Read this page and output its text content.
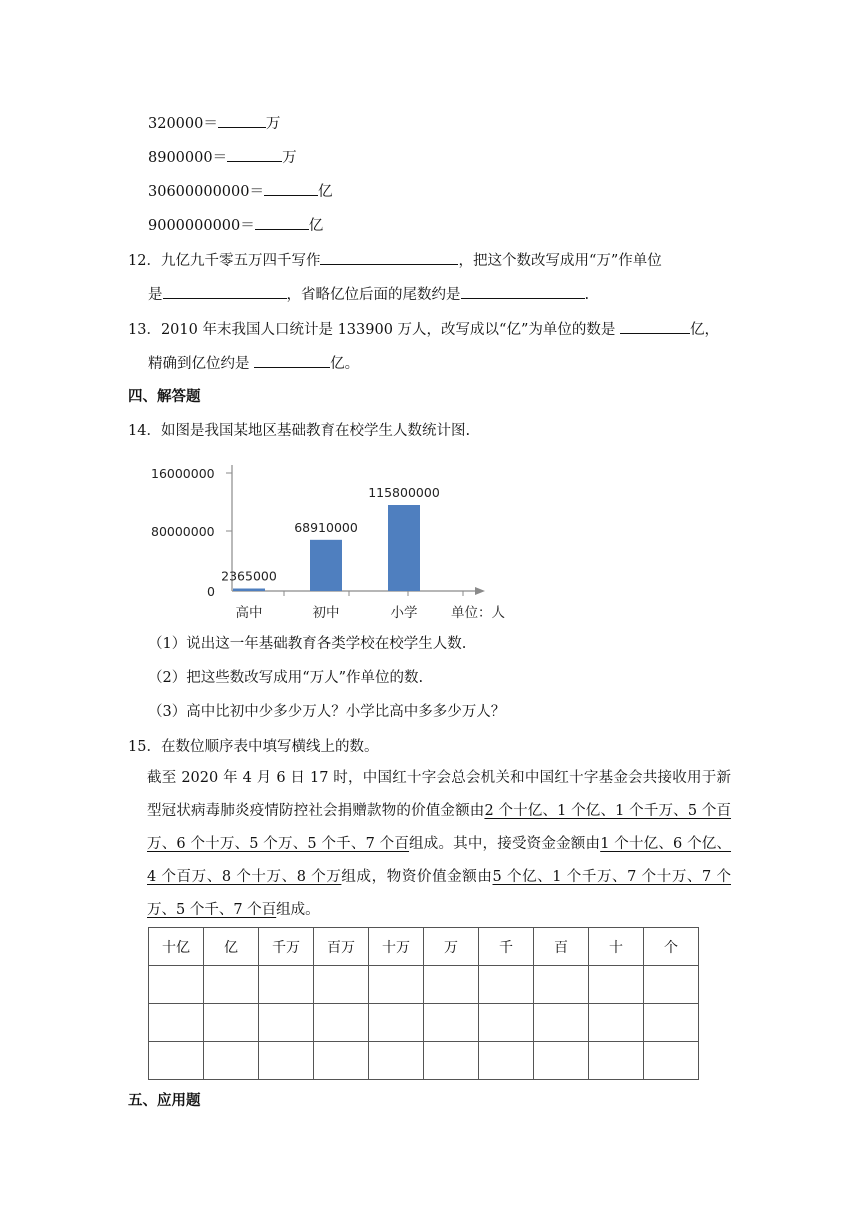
320000＝	万
8900000＝	万
30600000000＝	亿
9000000000＝	亿
12．九亿九千零五万四千写作	，把这个数改写成用“万”作单位
是	，省略亿位后面的尾数约是	.
13．2010 年末我国人口统计是 133900 万人，改写成以“亿”为单位的数是	亿，
精确到亿位约是	亿。
四、解答题
14．如图是我国某地区基础教育在校学生人数统计图.
16000000
80000000
0
2365000
高中
68910000
初中
115800000
小学 单位：人
（1）说出这一年基础教育各类学校在校学生人数.
（2）把这些数改写成用“万人”作单位的数.
（3）高中比初中少多少万人？小学比高中多多少万人？
15．在数位顺序表中填写横线上的数。
截至 2020 年 4 月 6 日 17 时，中国红十字会总会机关和中国红十字基金会共接收用于新型冠状病毒肺炎疫情防控社会捐赠款物的价值金额由2 个十亿、1 个亿、1 个千万、5 个百万、6 个十万、5 个万、5 个千、7 个百组成。其中，接受资金金额由1 个十亿、6 个亿、4 个百万、8 个十万、8 个万组成，物资价值金额由5 个亿、1 个千万、7 个十万、7 个万、5 个千、7 个百组成。
十亿	亿	千万	百万	十万	万	千	百	十	个

五、应用题
